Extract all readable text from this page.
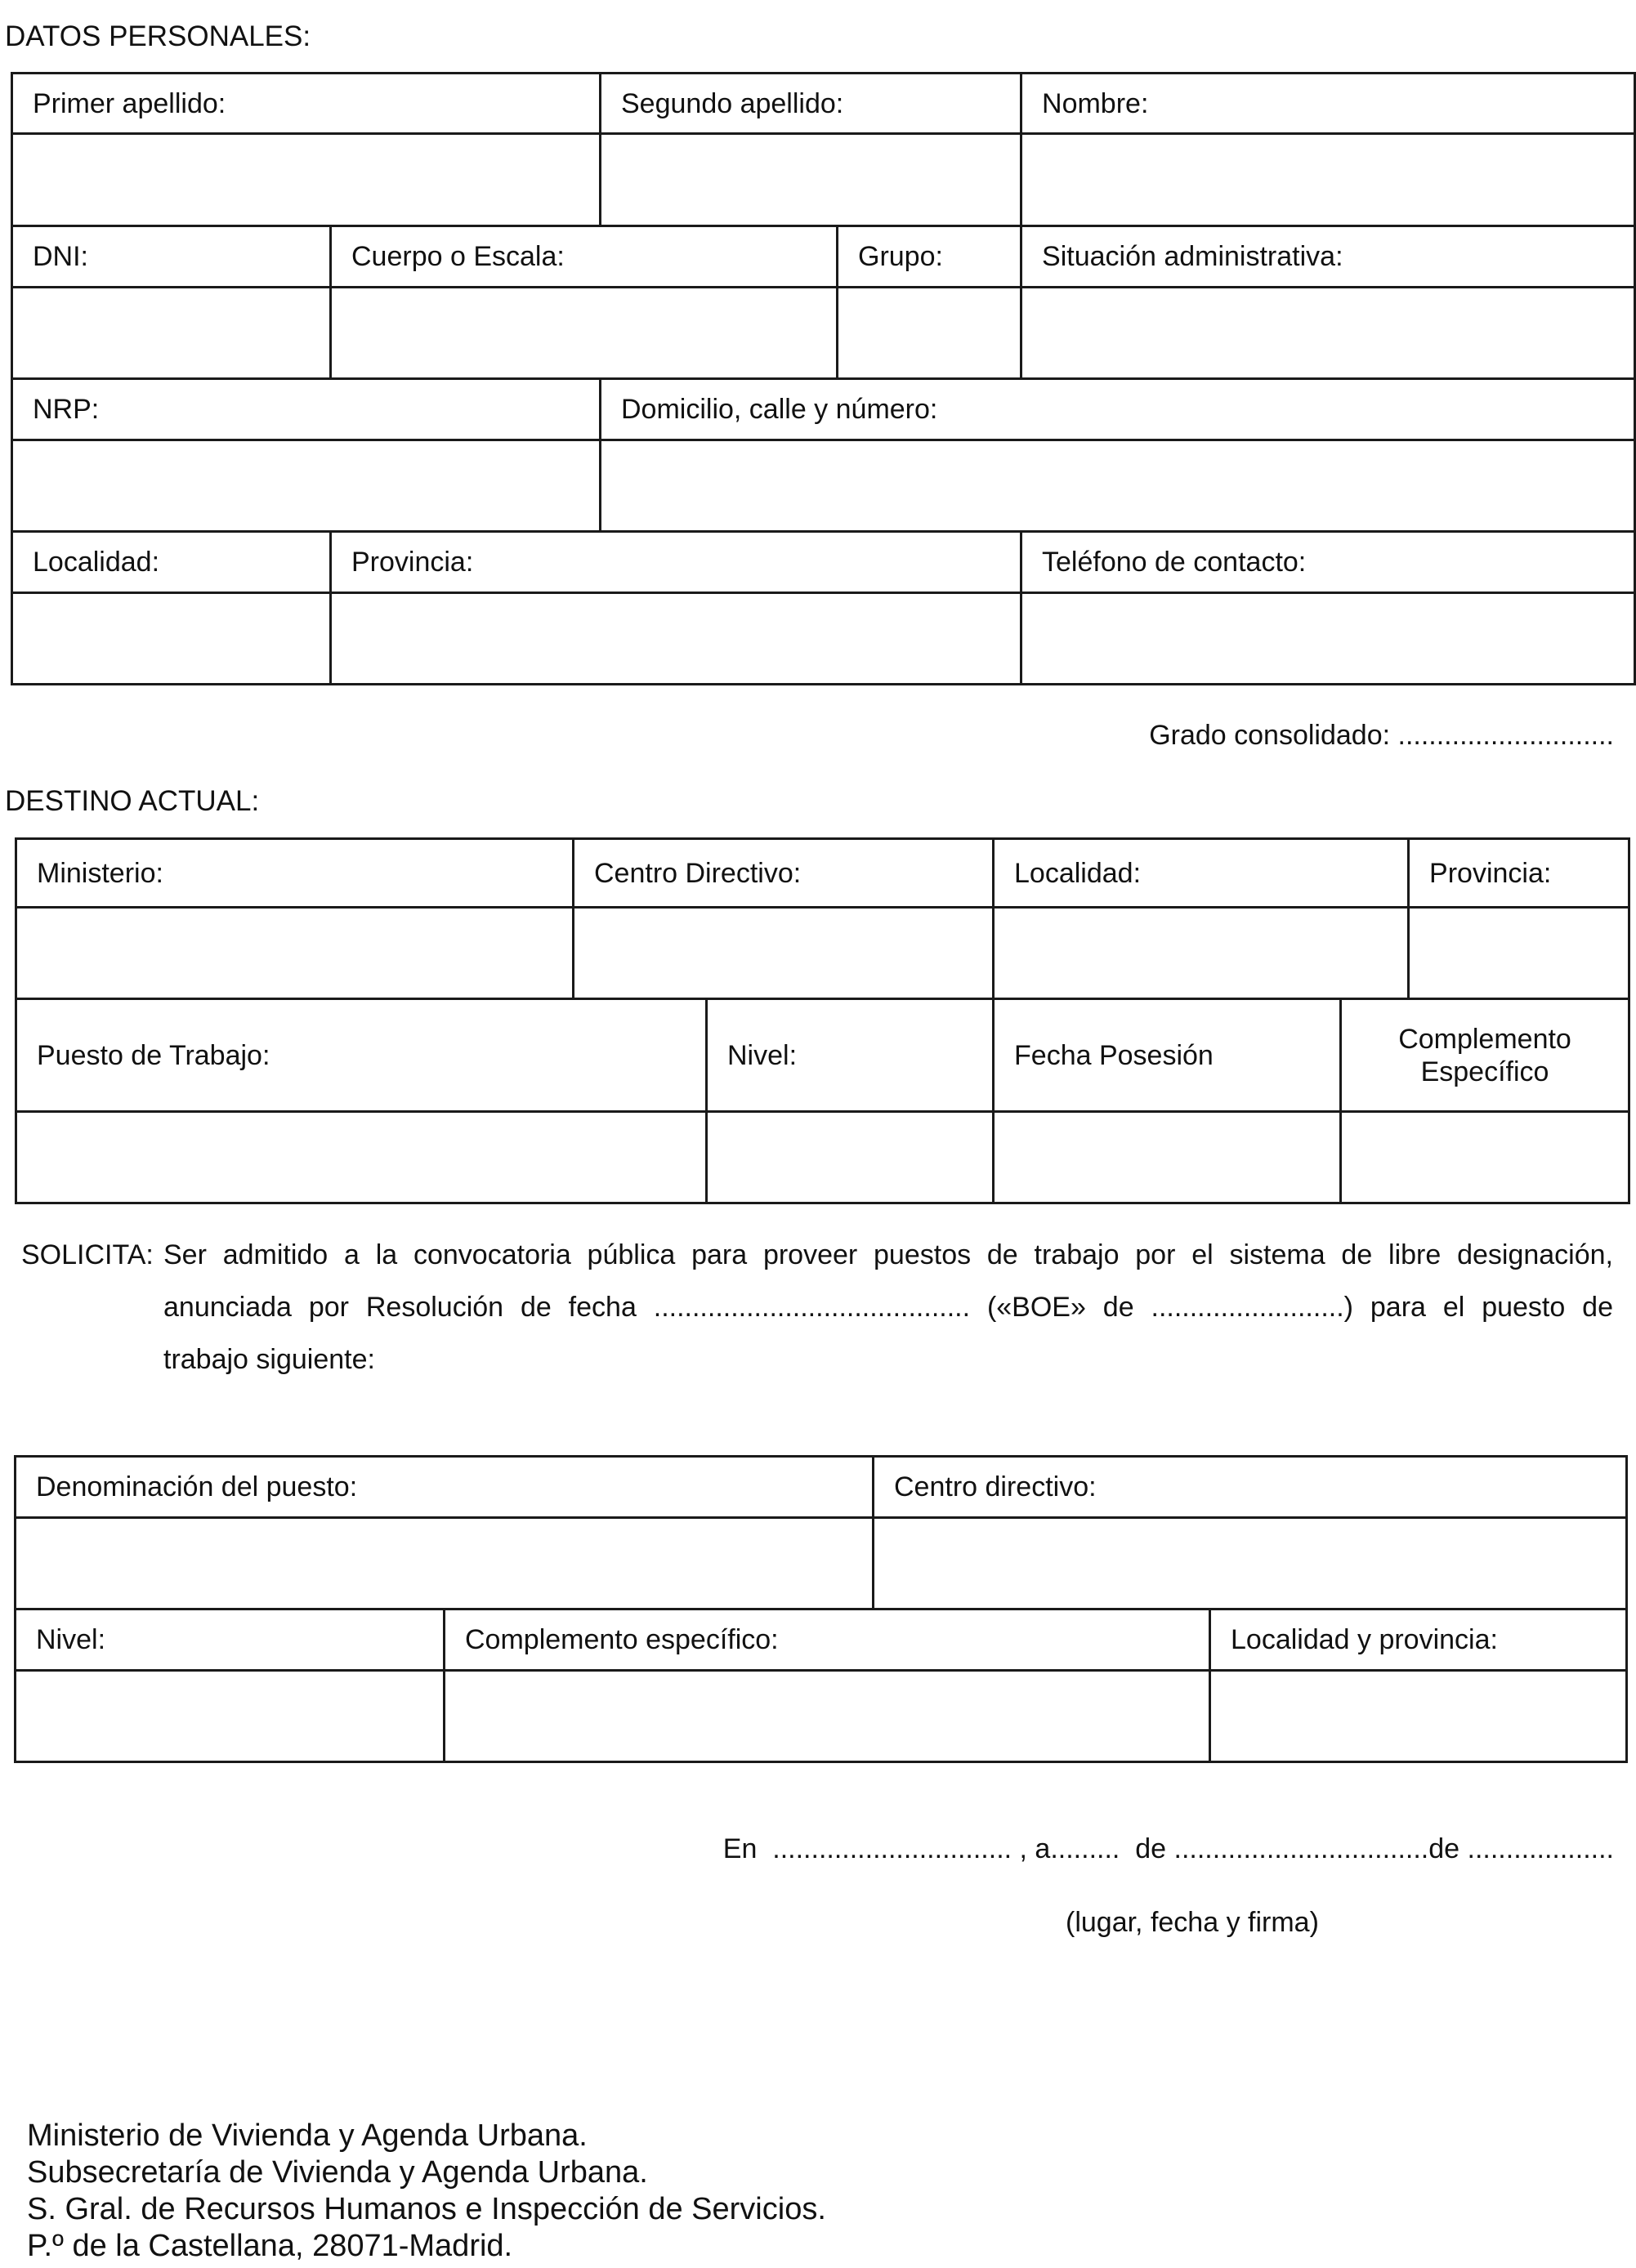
DATOS PERSONALES:
Primer apellido:		Segundo apellido:		Nombre:

DNI:	Cuerpo o Escala:		Grupo:	Situación administrativa:

NRP:		Domicilio, calle y número:		

Localidad:	Provincia:			Teléfono de contacto:

Grado consolidado: ............................
DESTINO ACTUAL:
Ministerio:	Centro Directivo:		Localidad:		Provincia:

Puesto de Trabajo:		Nivel:	Fecha Posesión	Complemento
Específico	

SOLICITA: Ser admitido a la convocatoria pública para proveer puestos de trabajo por el sistema de libre designación,
anunciada por Resolución de fecha ......................................... («BOE» de .........................) para el puesto de
trabajo siguiente:
Denominación del puesto:		Centro directivo:	

Nivel:	Complemento específico:		Localidad y provincia:

En  ............................... , a.........  de .................................de ...................
(lugar, fecha y firma)
Ministerio de Vivienda y Agenda Urbana.
Subsecretaría de Vivienda y Agenda Urbana.
S. Gral. de Recursos Humanos e Inspección de Servicios.
P.º de la Castellana, 28071-Madrid.
